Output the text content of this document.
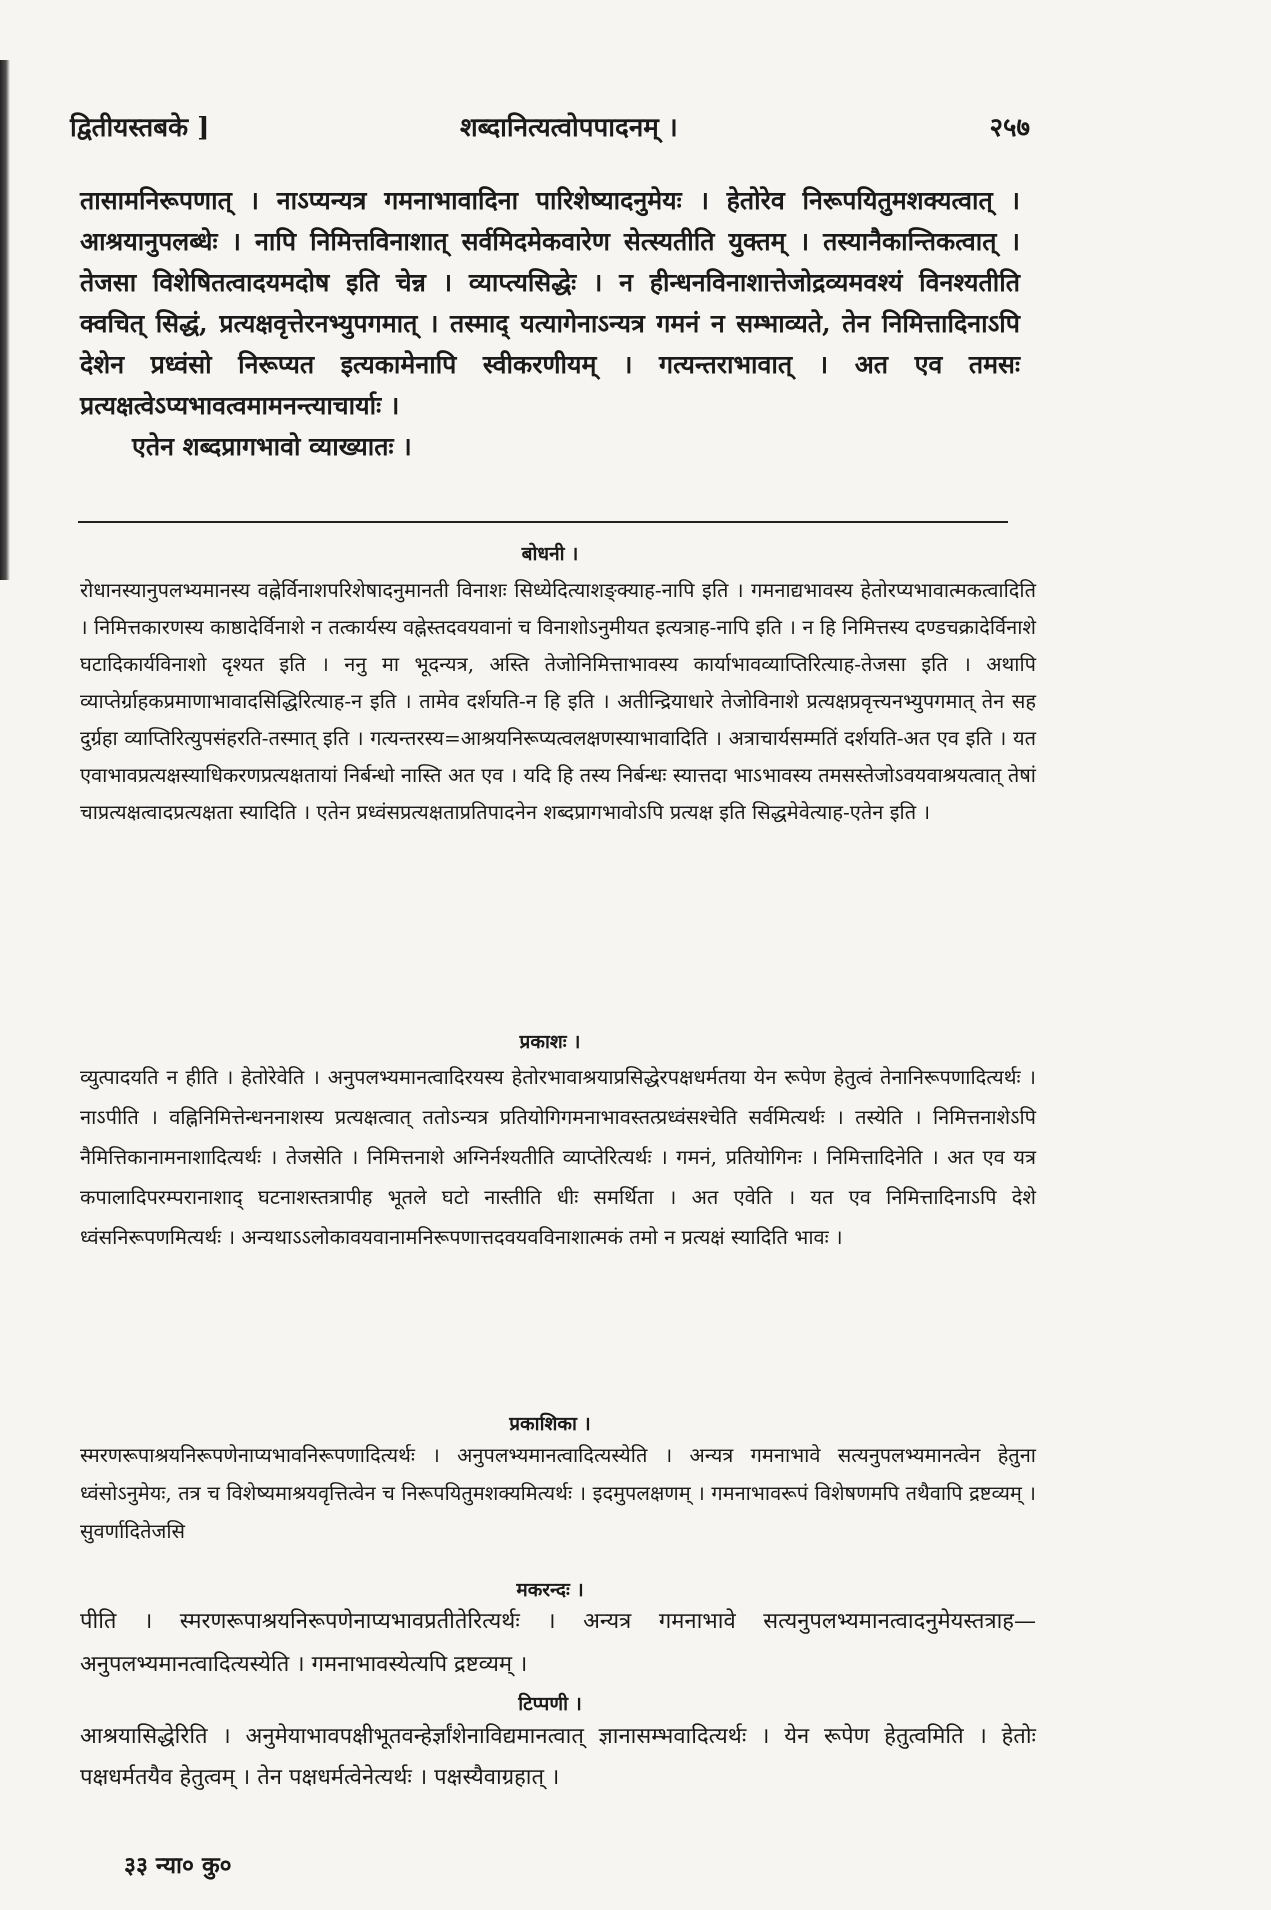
द्वितीयस्तबके ]	शब्दानित्यत्वोपपादनम् ।	२५७

तासामनिरूपणात् । नाऽप्यन्यत्र गमनाभावादिना पारिशेष्यादनुमेयः । हेतोरेव निरूपयितुमशक्यत्वात् । आश्रयानुपलब्धेः । नापि निमित्तविनाशात् सर्वमिदमेकवारेण सेत्स्यतीति युक्तम् । तस्यानैकान्तिकत्वात् । तेजसा विशेषितत्वादयमदोष इति चेन्न । व्याप्त्यसिद्धेः । न हीन्धनविनाशात्तेजोद्रव्यमवश्यं विनश्यतीति क्वचित् सिद्धं, प्रत्यक्षवृत्तेरनभ्युपगमात् । तस्माद् यत्यागेनाऽन्यत्र गमनं न सम्भाव्यते, तेन निमित्तादिनाऽपि देशेन प्रध्वंसो निरूप्यत इत्यकामेनापि स्वीकरणीयम् । गत्यन्तराभावात् । अत एव तमसः प्रत्यक्षत्वेऽप्यभावत्वमामनन्त्याचार्याः ।

एतेन शब्दप्रागभावो व्याख्यातः ।

बोधनी ।

रोधानस्यानुपलभ्यमानस्य वह्नेर्विनाशपरिशेषादनुमानती विनाशः सिध्येदित्याशङ्क्याह-नापि इति । गमनाद्यभावस्य हेतोरप्यभावात्मकत्वादिति । निमित्तकारणस्य काष्ठादेर्विनाशे न तत्कार्यस्य वह्नेस्तदवयवानां च विनाशोऽनुमीयत इत्यत्राह-नापि इति । न हि निमित्तस्य दण्डचक्रादेर्विनाशे घटादिकार्यविनाशो दृश्यत इति । ननु मा भूदन्यत्र, अस्ति तेजोनिमित्ताभावस्य कार्याभावव्याप्तिरित्याह-तेजसा इति । अथापि व्याप्तेर्ग्राहकप्रमाणाभावादसिद्धिरित्याह-न इति । तामेव दर्शयति-न हि इति । अतीन्द्रियाधारे तेजोविनाशे प्रत्यक्षप्रवृत्त्यनभ्युपगमात् तेन सह दुर्ग्रहा व्याप्तिरित्युपसंहरति-तस्मात् इति । गत्यन्तरस्य=आश्रयनिरूप्यत्वलक्षणस्याभावादिति । अत्राचार्यसम्मतिं दर्शयति-अत एव इति । यत एवाभावप्रत्यक्षस्याधिकरणप्रत्यक्षतायां निर्बन्धो नास्ति अत एव । यदि हि तस्य निर्बन्धः स्यात्तदा भाऽभावस्य तमसस्तेजोऽवयवाश्रयत्वात् तेषां चाप्रत्यक्षत्वादप्रत्यक्षता स्यादिति । एतेन प्रध्वंसप्रत्यक्षताप्रतिपादनेन शब्दप्रागभावोऽपि प्रत्यक्ष इति सिद्धमेवेत्याह-एतेन इति ।

प्रकाशः ।

व्युत्पादयति न हीति । हेतोरेवेति । अनुपलभ्यमानत्वादिरयस्य हेतोरभावाश्रयाप्रसिद्धेरपक्षधर्मतया येन रूपेण हेतुत्वं तेनानिरूपणादित्यर्थः । नाऽपीति । वह्निनिमित्तेन्धननाशस्य प्रत्यक्षत्वात् ततोऽन्यत्र प्रतियोगिगमनाभावस्तत्प्रध्वंसश्चेति सर्वमित्यर्थः । तस्येति । निमित्तनाशेऽपि नैमित्तिकानामनाशादित्यर्थः । तेजसेति । निमित्तनाशे अग्निर्नश्यतीति व्याप्तेरित्यर्थः । गमनं, प्रतियोगिनः । निमित्तादिनेति । अत एव यत्र कपालादिपरम्परानाशाद् घटनाशस्तत्रापीह भूतले घटो नास्तीति धीः समर्थिता । अत एवेति । यत एव निमित्तादिनाऽपि देशे ध्वंसनिरूपणमित्यर्थः । अन्यथाऽऽलोकावयवानामनिरूपणात्तदवयवविनाशात्मकं तमो न प्रत्यक्षं स्यादिति भावः ।

प्रकाशिका ।

स्मरणरूपाश्रयनिरूपणेनाप्यभावनिरूपणादित्यर्थः । अनुपलभ्यमानत्वादित्यस्येति । अन्यत्र गमनाभावे सत्यनुपलभ्यमानत्वेन हेतुना ध्वंसोऽनुमेयः, तत्र च विशेष्यमाश्रयवृत्तित्वेन च निरूपयितुमशक्यमित्यर्थः । इदमुपलक्षणम् । गमनाभावरूपं विशेषणमपि तथैवापि द्रष्टव्यम् । सुवर्णादितेजसि

मकरन्दः ।

पीति । स्मरणरूपाश्रयनिरूपणेनाप्यभावप्रतीतेरित्यर्थः । अन्यत्र गमनाभावे सत्यनुपलभ्यमानत्वादनुमेयस्तत्राह—अनुपलभ्यमानत्वादित्यस्येति । गमनाभावस्येत्यपि द्रष्टव्यम् ।

टिप्पणी ।

आश्रयासिद्धेरिति । अनुमेयाभावपक्षीभूतवन्हेर्ज्ञांशेनाविद्यमानत्वात् ज्ञानासम्भवादित्यर्थः । येन रूपेण हेतुत्वमिति । हेतोः पक्षधर्मतयैव हेतुत्वम् । तेन पक्षधर्मत्वेनेत्यर्थः । पक्षस्यैवाग्रहात् ।

३३ न्या० कु०
